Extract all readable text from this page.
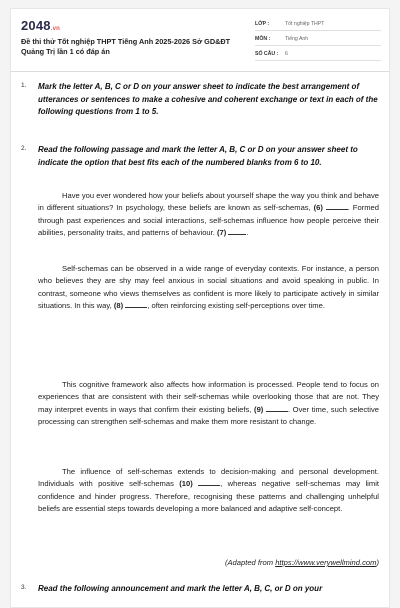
2048.vn
Đề thi thử Tốt nghiệp THPT Tiếng Anh 2025-2026 Sở GD&ĐT Quảng Trị lần 1 có đáp án
LỚP :	Tốt nghiệp THPT
MÔN :	Tiếng Anh
SỐ CÂU : 6
1. Mark the letter A, B, C or D on your answer sheet to indicate the best arrangement of utterances or sentences to make a cohesive and coherent exchange or text in each of the following questions from 1 to 5.
2. Read the following passage and mark the letter A, B, C or D on your answer sheet to indicate the option that best fits each of the numbered blanks from 6 to 10.
Have you ever wondered how your beliefs about yourself shape the way you think and behave in different situations? In psychology, these beliefs are known as self-schemas, (6)	. Formed through past experiences and social interactions, self-schemas influence how people perceive their abilities, personality traits, and patterns of behaviour. (7)	.
Self-schemas can be observed in a wide range of everyday contexts. For instance, a person who believes they are shy may feel anxious in social situations and avoid speaking in public. In contrast, someone who views themselves as confident is more likely to participate actively in similar situations. In this way, (8)	, often reinforcing existing self-perceptions over time.
This cognitive framework also affects how information is processed. People tend to focus on experiences that are consistent with their self-schemas while overlooking those that are not. They may interpret events in ways that confirm their existing beliefs, (9)	. Over time, such selective processing can strengthen self-schemas and make them more resistant to change.
The influence of self-schemas extends to decision-making and personal development. Individuals with positive self-schemas (10)	, whereas negative self-schemas may limit confidence and hinder progress. Therefore, recognising these patterns and challenging unhelpful beliefs are essential steps towards developing a more balanced and adaptive self-concept.
(Adapted from https://www.verywellmind.com)
3. Read the following announcement and mark the letter A, B, C, or D on your
